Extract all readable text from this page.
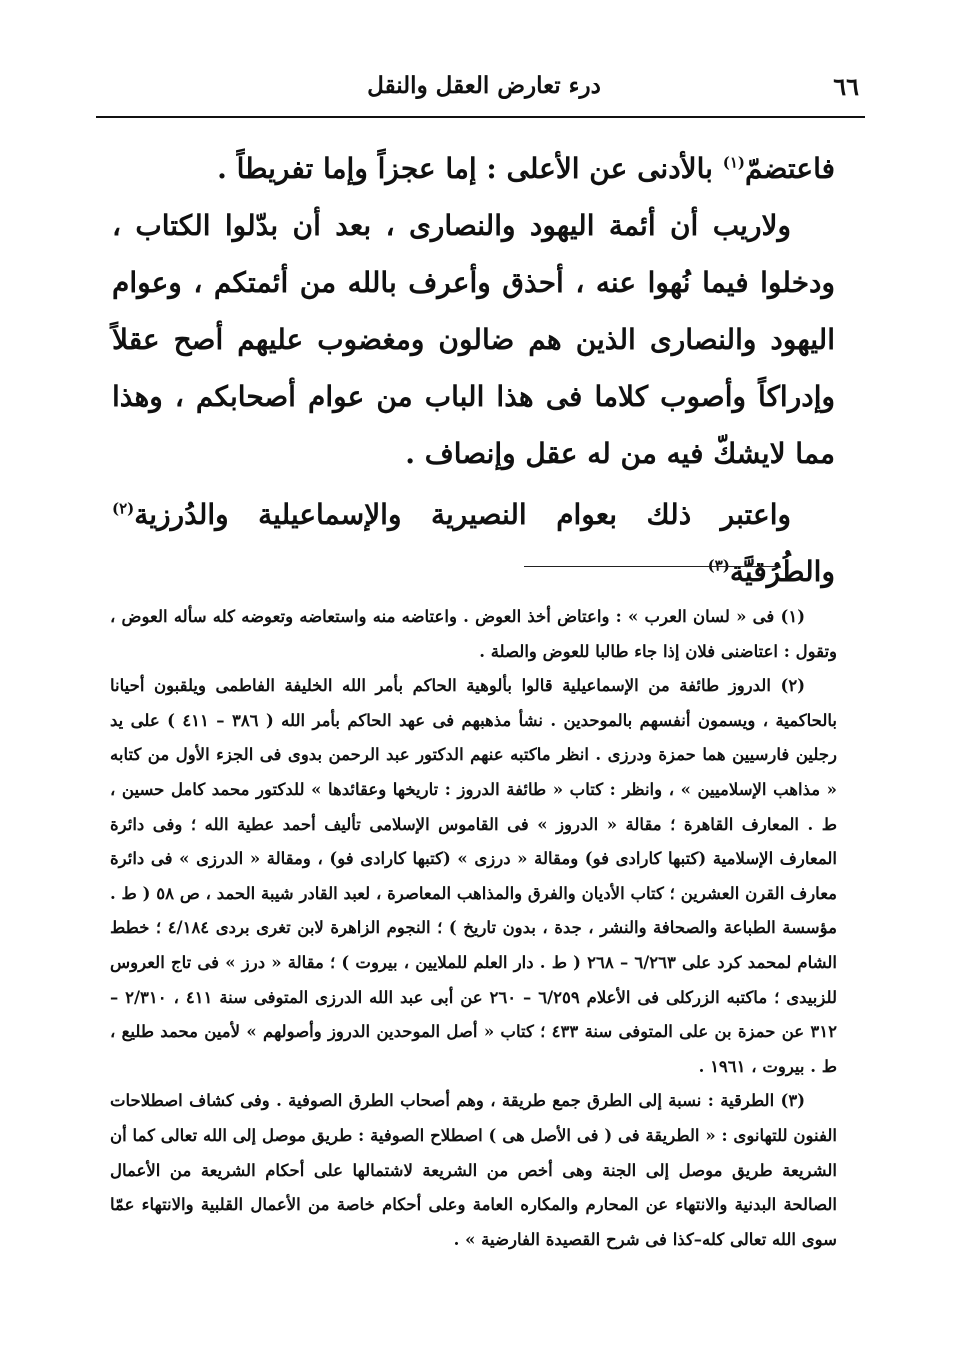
٦٦
درء تعارض العقل والنقل

فاعتضمّ$^{(١)}$ بالأدنى عن الأعلى : إما عجزاً وإما تفريطاً .

ولاريب أن أئمة اليهود والنصارى ، بعد أن بدّلوا الكتاب ، ودخلوا فيما نُهوا عنه ، أحذق وأعرف بالله من أئمتكم ، وعوام اليهود والنصارى الذين هم ضالون ومغضوب عليهم أصح عقلاً وإدراكاً وأصوب كلاما فى هذا الباب من عوام أصحابكم ، وهذا مما لايشكّ فيه من له عقل وإنصاف .

واعتبر ذلك بعوام النصيرية والإسماعيلية والدُرزية$^{(٢)}$ والطُرُقيَّة$^{(٣)}$

(١) فى « لسان العرب » : واعتاض أخذ العوض . واعتاضه منه واستعاضه وتعوضه كله سأله العوض ، وتقول : اعتاضنى فلان إذا جاء طالبا للعوض والصلة .

(٢) الدروز طائفة من الإسماعيلية قالوا بألوهية الحاكم بأمر الله الخليفة الفاطمى ويلقبون أحيانا بالحاكمية ، ويسمون أنفسهم بالموحدين . نشأ مذهبهم فى عهد الحاكم بأمر الله ( ٣٨٦ – ٤١١ ) على يد رجلين فارسيين هما حمزة ودرزى . انظر ماكتبه عنهم الدكتور عبد الرحمن بدوى فى الجزء الأول من كتابه « مذاهب الإسلاميين » ، وانظر : كتاب « طائفة الدروز : تاريخها وعقائدها » للدكتور محمد كامل حسين ، ط . المعارف القاهرة ؛ مقالة « الدروز » فى القاموس الإسلامى تأليف أحمد عطية الله ؛ وفى دائرة المعارف الإسلامية (كتبها كارادى فو) ومقالة « درزى » (كتبها كارادى فو) ، ومقالة « الدرزى » فى دائرة معارف القرن العشرين ؛ كتاب الأديان والفرق والمذاهب المعاصرة ، لعبد القادر شيبة الحمد ، ص ٥٨ ( ط . مؤسسة الطباعة والصحافة والنشر ، جدة ، بدون تاريخ ) ؛ النجوم الزاهرة لابن تغرى بردى ٤/١٨٤ ؛ خطط الشام لمحمد كرد على ٦/٢٦٣ – ٢٦٨ ( ط . دار العلم للملايين ، بيروت ) ؛ مقالة « درز » فى تاج العروس للزبيدى ؛ ماكتبه الزركلى فى الأعلام ٦/٢٥٩ – ٢٦٠ عن أبى عبد الله الدرزى المتوفى سنة ٤١١ ، ٢/٣١٠ – ٣١٢ عن حمزة بن على المتوفى سنة ٤٣٣ ؛ كتاب « أصل الموحدين الدروز وأصولهم » لأمين محمد طليع ، ط . بيروت ، ١٩٦١ .

(٣) الطرقية : نسبة إلى الطرق جمع طريقة ، وهم أصحاب الطرق الصوفية . وفى كشاف اصطلاحات الفنون للتهانوى : « الطريقة فى ( فى الأصل هى ) اصطلاح الصوفية : طريق موصل إلى الله تعالى كما أن الشريعة طريق موصل إلى الجنة وهى أخص من الشريعة لاشتمالها على أحكام الشريعة من الأعمال الصالحة البدنية والانتهاء عن المحارم والمكاره العامة وعلى أحكام خاصة من الأعمال القلبية والانتهاء عمّا سوى الله تعالى كله–كذا فى شرح القصيدة الفارضية » .
